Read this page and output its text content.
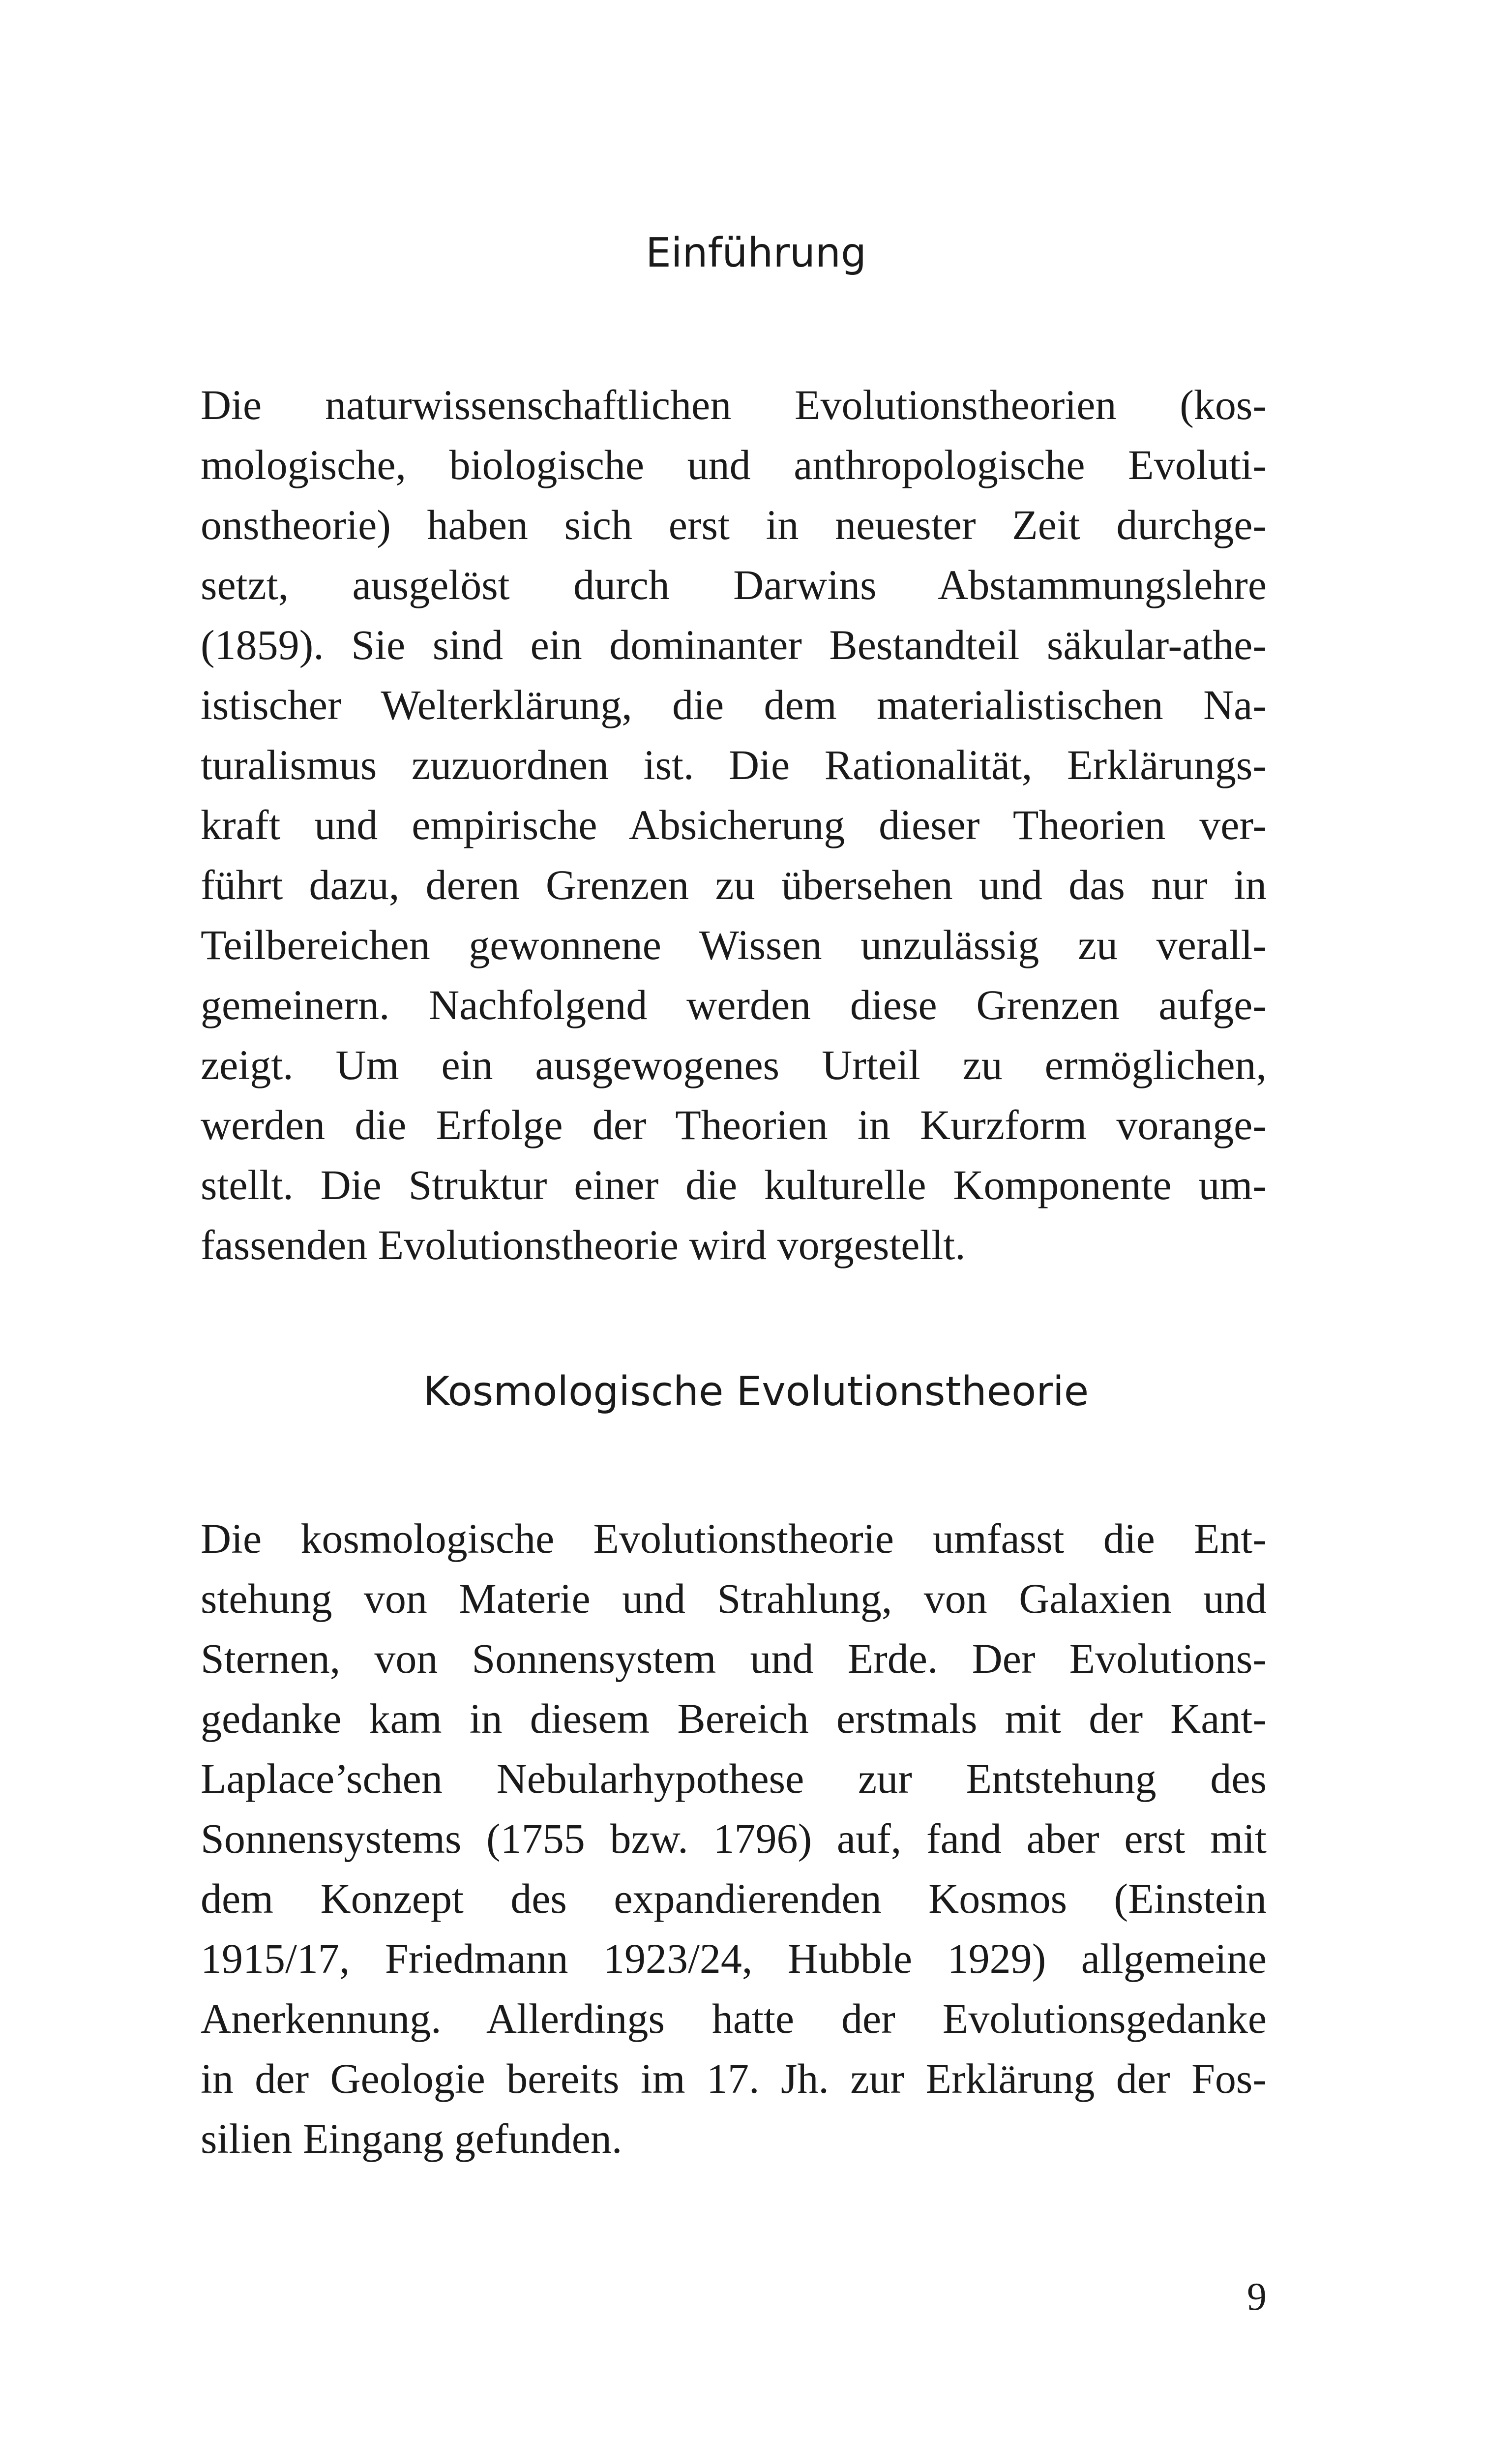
Einführung
Die naturwissenschaftlichen Evolutionstheorien (kos-
mologische, biologische und anthropologische Evoluti-
onstheorie) haben sich erst in neuester Zeit durchge-
setzt, ausgelöst durch Darwins Abstammungslehre
(1859). Sie sind ein dominanter Bestandteil säkular-athe-
istischer Welterklärung, die dem materialistischen Na-
turalismus zuzuordnen ist. Die Rationalität, Erklärungs-
kraft und empirische Absicherung dieser Theorien ver-
führt dazu, deren Grenzen zu übersehen und das nur in
Teilbereichen gewonnene Wissen unzulässig zu verall-
gemeinern. Nachfolgend werden diese Grenzen aufge-
zeigt. Um ein ausgewogenes Urteil zu ermöglichen,
werden die Erfolge der Theorien in Kurzform vorange-
stellt. Die Struktur einer die kulturelle Komponente um-
fassenden Evolutionstheorie wird vorgestellt.
Kosmologische Evolutionstheorie
Die kosmologische Evolutionstheorie umfasst die Ent-
stehung von Materie und Strahlung, von Galaxien und
Sternen, von Sonnensystem und Erde. Der Evolutions-
gedanke kam in diesem Bereich erstmals mit der Kant-
Laplace’schen Nebularhypothese zur Entstehung des
Sonnensystems (1755 bzw. 1796) auf, fand aber erst mit
dem Konzept des expandierenden Kosmos (Einstein
1915/17, Friedmann 1923/24, Hubble 1929) allgemeine
Anerkennung. Allerdings hatte der Evolutionsgedanke
in der Geologie bereits im 17. Jh. zur Erklärung der Fos-
silien Eingang gefunden.
9
